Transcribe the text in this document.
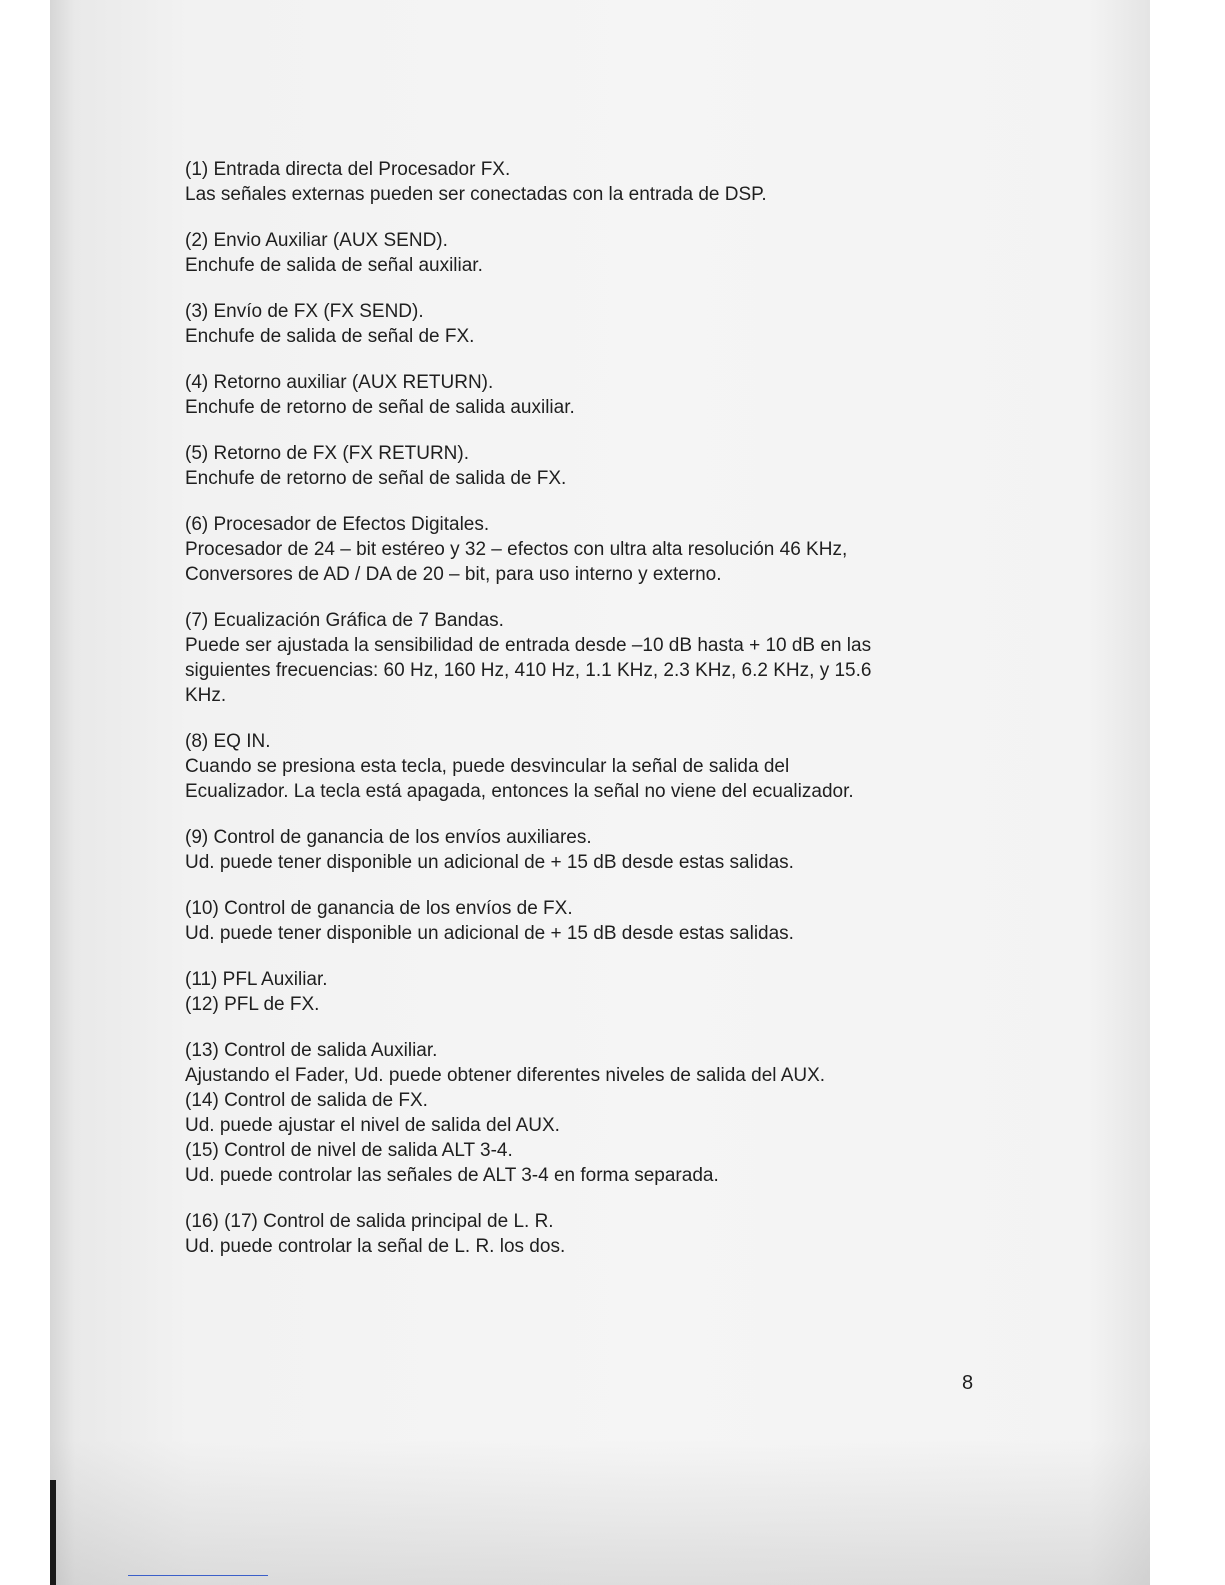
(1) Entrada directa del Procesador FX.
Las señales externas pueden ser conectadas con la entrada de DSP.
(2) Envio Auxiliar (AUX SEND).
Enchufe de salida de señal auxiliar.
(3) Envío de FX (FX SEND).
Enchufe de salida de señal de FX.
(4) Retorno auxiliar (AUX RETURN).
Enchufe de retorno de señal de salida auxiliar.
(5) Retorno de FX (FX RETURN).
Enchufe de retorno de señal de salida de FX.
(6) Procesador de Efectos Digitales.
Procesador de 24 – bit estéreo y 32 – efectos con ultra alta resolución 46 KHz,
Conversores de AD / DA de 20 – bit, para uso interno y externo.
(7) Ecualización Gráfica de 7 Bandas.
Puede ser ajustada la sensibilidad de entrada desde –10 dB hasta + 10 dB en las
siguientes frecuencias: 60 Hz, 160 Hz, 410 Hz, 1.1 KHz, 2.3 KHz, 6.2 KHz, y 15.6
KHz.
(8) EQ IN.
Cuando se presiona esta tecla, puede desvincular la señal de salida del
Ecualizador. La tecla está apagada, entonces la señal no viene del ecualizador.
(9) Control de ganancia de los envíos auxiliares.
Ud. puede tener disponible un adicional de + 15 dB desde estas salidas.
(10) Control de ganancia de los envíos de FX.
Ud. puede tener disponible un adicional de + 15 dB desde estas salidas.
(11) PFL Auxiliar.
(12) PFL de FX.
(13) Control de salida Auxiliar.
Ajustando el Fader, Ud. puede obtener diferentes niveles de salida del AUX.
(14) Control de salida de FX.
Ud. puede ajustar el nivel de salida del AUX.
(15) Control de nivel de salida ALT 3-4.
Ud. puede controlar las señales de ALT 3-4 en forma separada.
(16) (17) Control de salida principal de L. R.
Ud. puede controlar la señal de L. R. los dos.
8
